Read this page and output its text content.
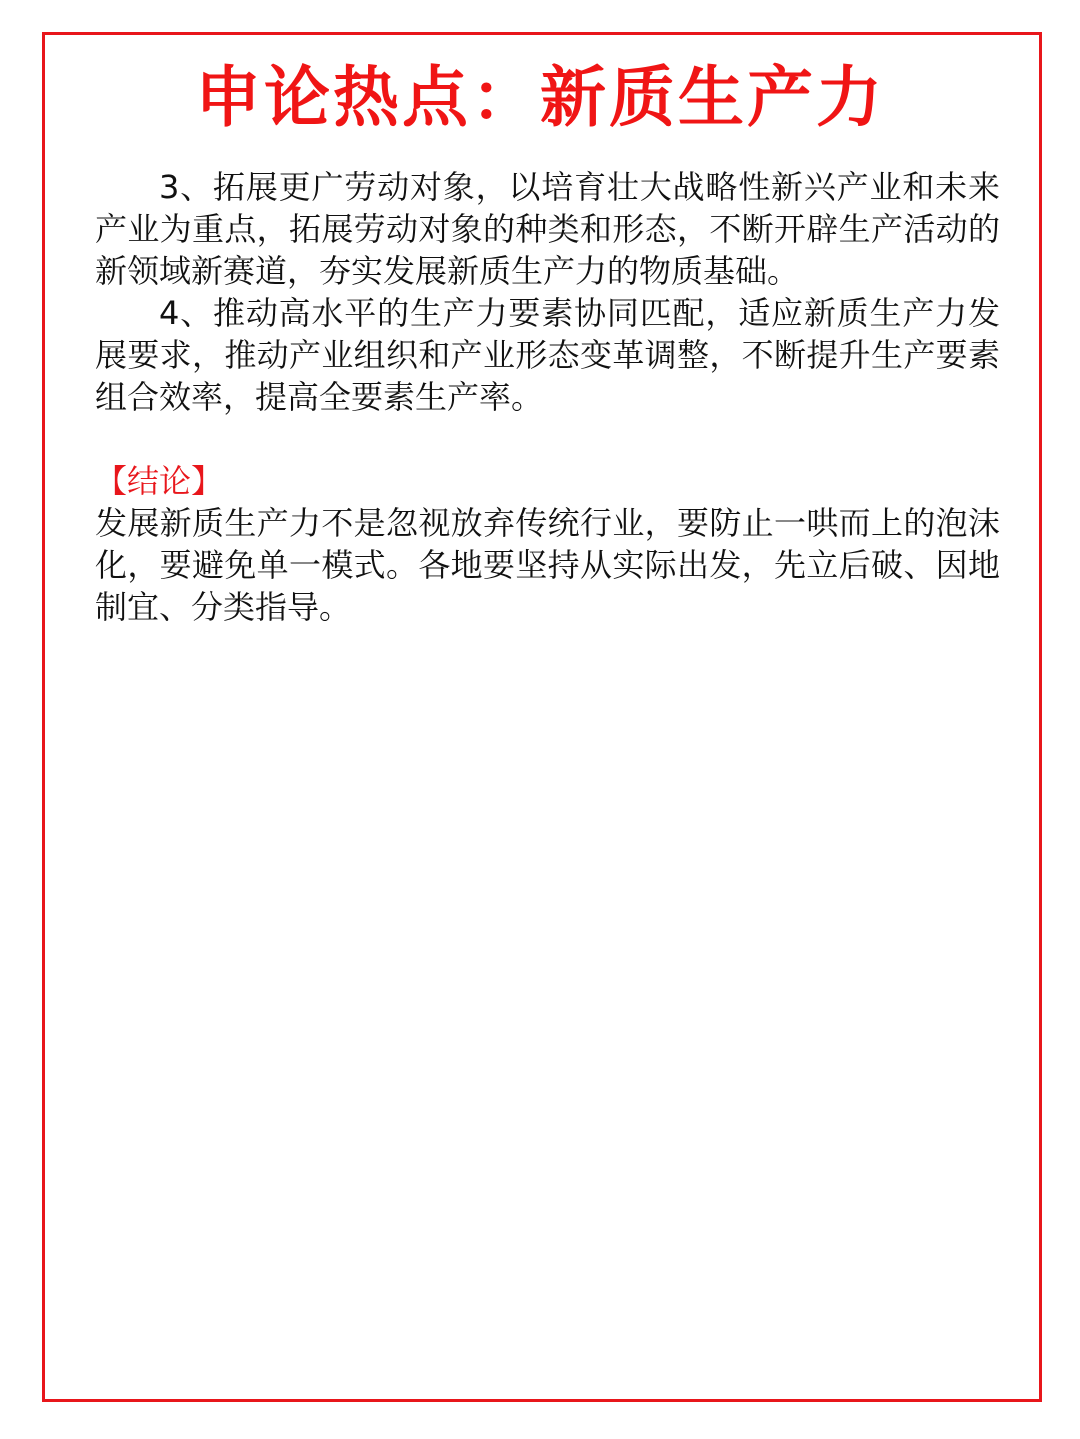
申论热点：新质生产力

3、拓展更广劳动对象，以培育壮大战略性新兴产业和未来产业为重点，拓展劳动对象的种类和形态，不断开辟生产活动的新领域新赛道，夯实发展新质生产力的物质基础。

4、推动高水平的生产力要素协同匹配，适应新质生产力发展要求，推动产业组织和产业形态变革调整，不断提升生产要素组合效率，提高全要素生产率。

【结论】

发展新质生产力不是忽视放弃传统行业，要防止一哄而上的泡沫化，要避免单一模式。各地要坚持从实际出发，先立后破、因地制宜、分类指导。
